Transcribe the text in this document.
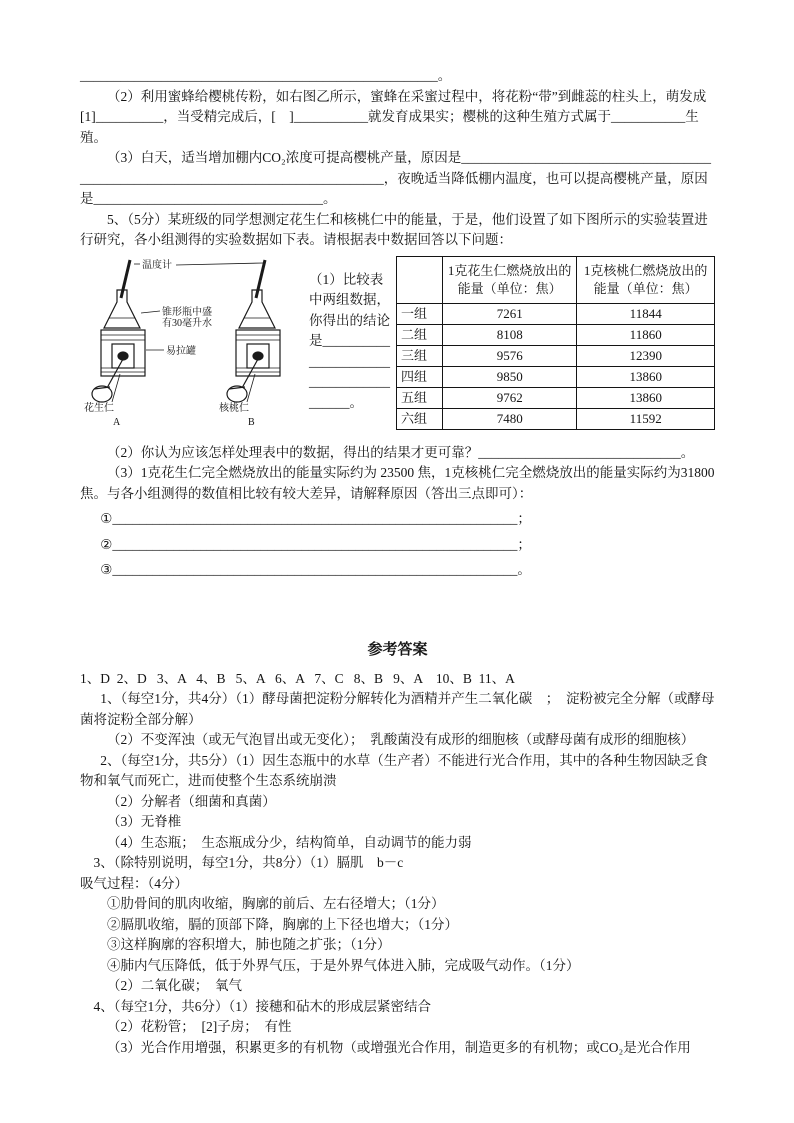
_____________________________________________________。

（2）利用蜜蜂给樱桃传粉，如右图乙所示，蜜蜂在采蜜过程中，将花粉“带”到雌蕊的柱头上，萌发成[1]__________，当受精完成后，[　]___________就发育成果实；樱桃的这种生殖方式属于___________生殖。

（3）白天，适当增加棚内CO₂浓度可提高樱桃产量，原因是__________________________________________________________________________________，夜晚适当降低棚内温度，也可以提高樱桃产量，原因是__________________________________。

5、（5分）某班级的同学想测定花生仁和核桃仁中的能量，于是，他们设置了如下图所示的实验装置进行研究，各小组测得的实验数据如下表。请根据表中数据回答以下问题：

温度计
锥形瓶中盛
有30毫升水
易拉罐
花生仁
A
核桃仁
B
（1）比较表中两组数据，你得出的结论是________________________________________。
	1克花生仁燃烧放出的能量（单位：焦）	1克核桃仁燃烧放出的能量（单位：焦）
一组	7261	11844
二组	8108	11860
三组	9576	12390
四组	9850	13860
五组	9762	13860
六组	7480	11592

（2）你认为应该怎样处理表中的数据，得出的结果才更可靠？______________________________。

（3）1克花生仁完全燃烧放出的能量实际约为 23500 焦，1克核桃仁完全燃烧放出的能量实际约为31800 焦。与各小组测得的数值相比较有较大差异，请解释原因（答出三点即可）：

①____________________________________________________________；

②____________________________________________________________；

③____________________________________________________________。

参考答案

1、D  2、D   3、A   4、B   5、A   6、A   7、C   8、B   9、A    10、B  11、A

1、（每空1分，共4分）（1）酵母菌把淀粉分解转化为酒精并产生二氧化碳　；　淀粉被完全分解（或酵母菌将淀粉全部分解）

（2）不变浑浊（或无气泡冒出或无变化）；　乳酸菌没有成形的细胞核（或酵母菌有成形的细胞核）

2、（每空1分，共5分）（1）因生态瓶中的水草（生产者）不能进行光合作用，其中的各种生物因缺乏食物和氧气而死亡，进而使整个生态系统崩溃

（2）分解者（细菌和真菌）

（3）无脊椎

（4）生态瓶；  生态瓶成分少，结构简单，自动调节的能力弱

3、（除特别说明，每空1分，共8分）（1）膈肌　b－c

吸气过程：（4分）

①肋骨间的肌肉收缩，胸廓的前后、左右径增大；（1分）

②膈肌收缩，膈的顶部下降，胸廓的上下径也增大；（1分）

③这样胸廓的容积增大，肺也随之扩张；（1分）

④肺内气压降低，低于外界气压，于是外界气体进入肺，完成吸气动作。（1分）

（2）二氧化碳；　氧气

4、（每空1分，共6分）（1）接穗和砧木的形成层紧密结合

（2）花粉管；　[2]子房；　有性

（3）光合作用增强，积累更多的有机物（或增强光合作用，制造更多的有机物；或CO₂是光合作用
